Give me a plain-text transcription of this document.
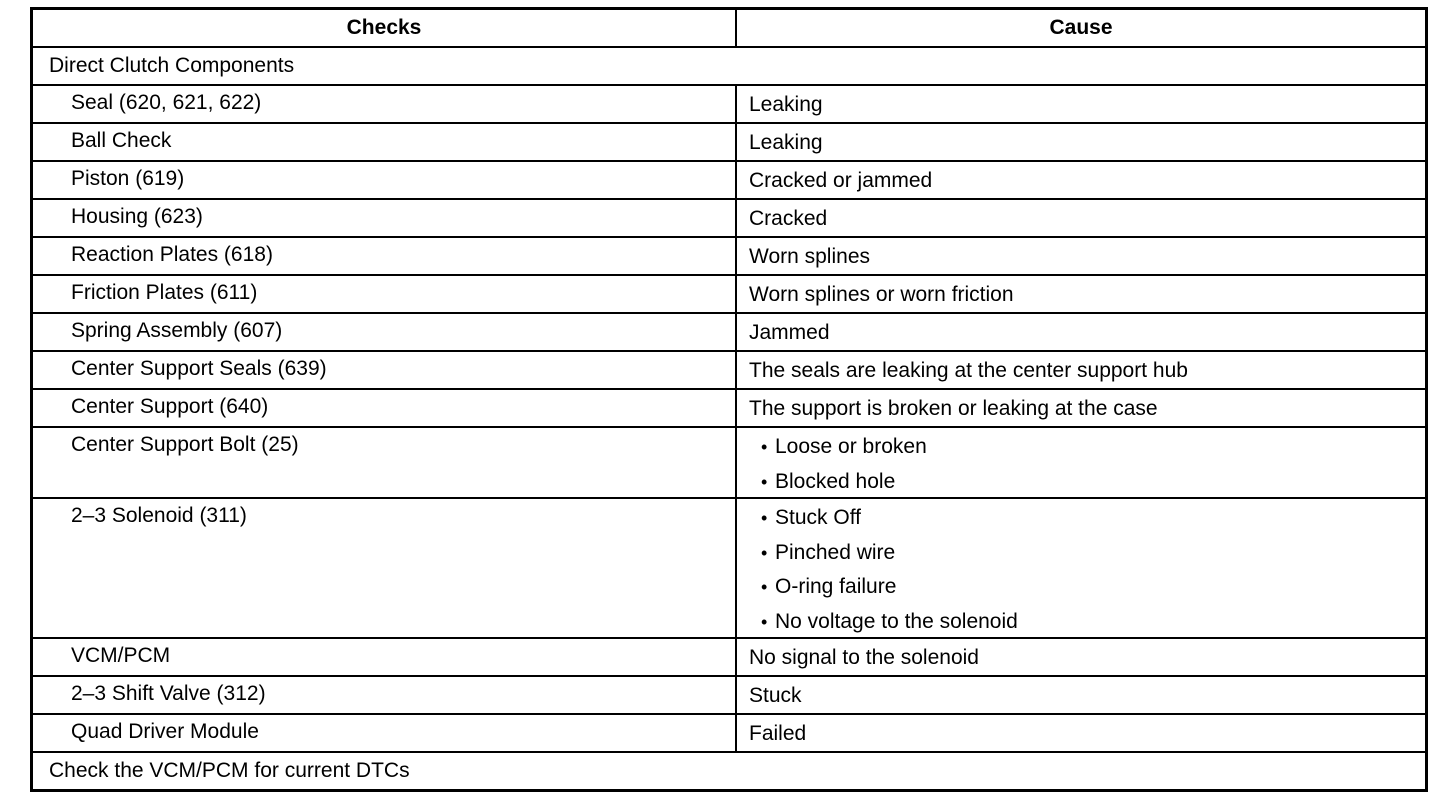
Checks	Cause
Direct Clutch Components
Seal (620, 621, 622)	Leaking
Ball Check	Leaking
Piston (619)	Cracked or jammed
Housing (623)	Cracked
Reaction Plates (618)	Worn splines
Friction Plates (611)	Worn splines or worn friction
Spring Assembly (607)	Jammed
Center Support Seals (639)	The seals are leaking at the center support hub
Center Support (640)	The support is broken or leaking at the case
Center Support Bolt (25)	• Loose or broken
• Blocked hole
2–3 Solenoid (311)	• Stuck Off
• Pinched wire
• O-ring failure
• No voltage to the solenoid
VCM/PCM	No signal to the solenoid
2–3 Shift Valve (312)	Stuck
Quad Driver Module	Failed
Check the VCM/PCM for current DTCs
